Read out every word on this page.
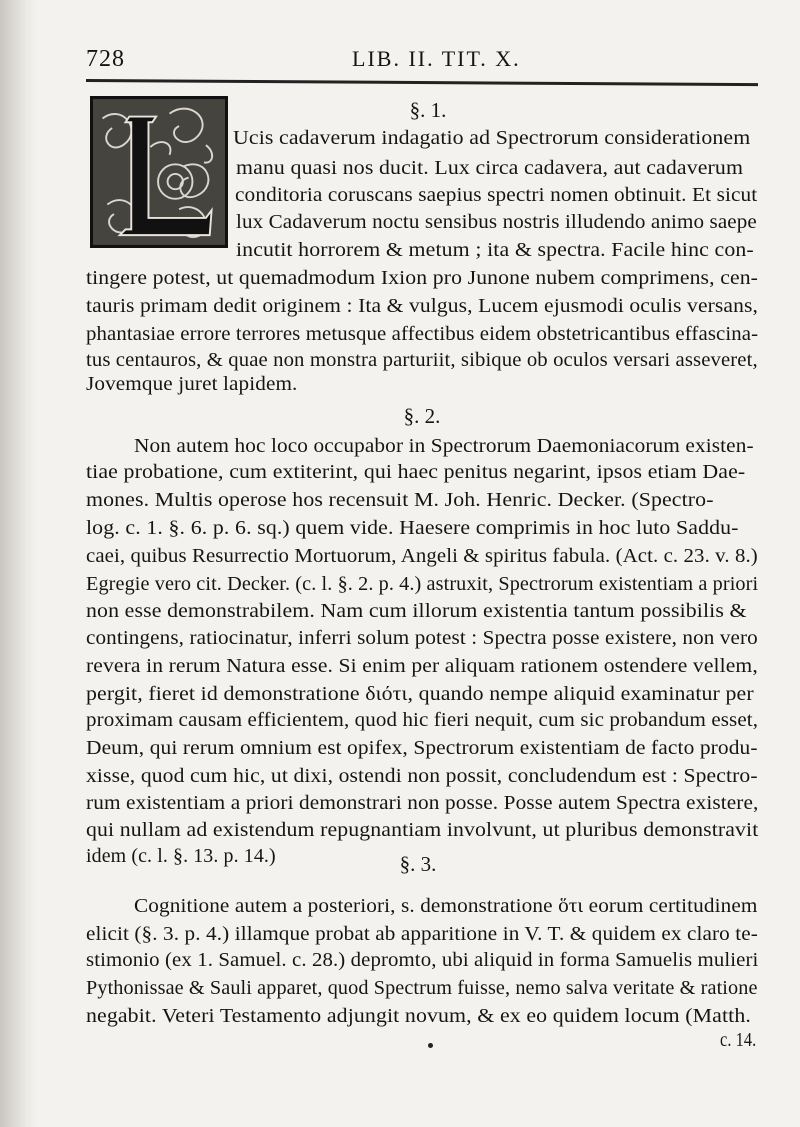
728	LIB. II. TIT. X.
§. 1.
§. 2.
§. 3.
Ucis cadaverum indagatio ad Spectrorum considerationem
manu quasi nos ducit. Lux circa cadavera, aut cadaverum
conditoria coruscans saepius spectri nomen obtinuit. Et sicut
lux Cadaverum noctu sensibus nostris illudendo animo saepe
incutit horrorem & metum ; ita & spectra. Facile hinc con-
tingere potest, ut quemadmodum Ixion pro Junone nubem comprimens, cen-
tauris primam dedit originem : Ita & vulgus, Lucem ejusmodi oculis versans,
phantasiae errore terrores metusque affectibus eidem obstetricantibus effascina-
tus centauros, & quae non monstra parturiit, sibique ob oculos versari asseveret,
Jovemque juret lapidem.
Non autem hoc loco occupabor in Spectrorum Daemoniacorum existen-
tiae probatione, cum extiterint, qui haec penitus negarint, ipsos etiam Dae-
mones. Multis operose hos recensuit M. Joh. Henric. Decker. (Spectro-
log. c. 1. §. 6. p. 6. sq.) quem vide. Haesere comprimis in hoc luto Saddu-
caei, quibus Resurrectio Mortuorum, Angeli & spiritus fabula. (Act. c. 23. v. 8.)
Egregie vero cit. Decker. (c. l. §. 2. p. 4.) astruxit, Spectrorum existentiam a priori
non esse demonstrabilem. Nam cum illorum existentia tantum possibilis &
contingens, ratiocinatur, inferri solum potest : Spectra posse existere, non vero
revera in rerum Natura esse. Si enim per aliquam rationem ostendere vellem,
pergit, fieret id demonstratione διότι, quando nempe aliquid examinatur per
proximam causam efficientem, quod hic fieri nequit, cum sic probandum esset,
Deum, qui rerum omnium est opifex, Spectrorum existentiam de facto produ-
xisse, quod cum hic, ut dixi, ostendi non possit, concludendum est : Spectro-
rum existentiam a priori demonstrari non posse. Posse autem Spectra existere,
qui nullam ad existendum repugnantiam involvunt, ut pluribus demonstravit
idem (c. l. §. 13. p. 14.)
Cognitione autem a posteriori, s. demonstratione ὅτι eorum certitudinem
elicit (§. 3. p. 4.) illamque probat ab apparitione in V. T. & quidem ex claro te-
stimonio (ex 1. Samuel. c. 28.) depromto, ubi aliquid in forma Samuelis mulieri
Pythonissae & Sauli apparet, quod Spectrum fuisse, nemo salva veritate & ratione
negabit. Veteri Testamento adjungit novum, & ex eo quidem locum (Matth.
c. 14.
